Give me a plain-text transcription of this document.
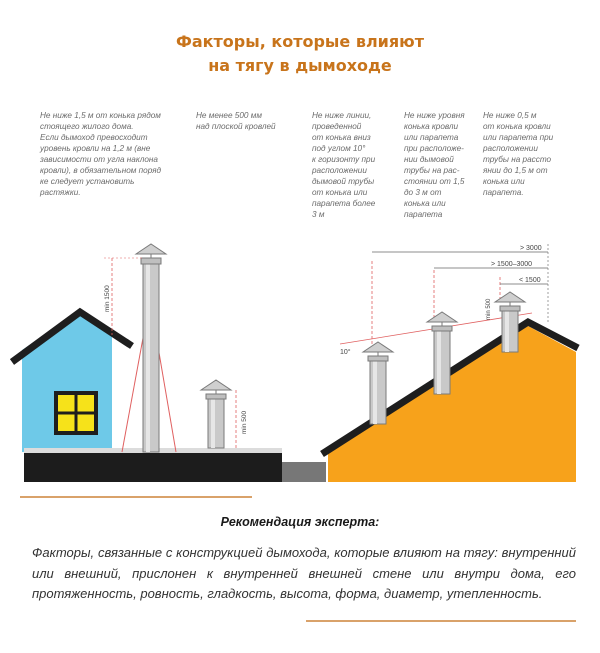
Факторы, которые влияют
на тягу в дымоходе
Не ниже 1,5 м от конька рядом
стоящего жилого дома.
Если дымоход превосходит
уровень кровли на 1,2 м (вне
зависимости от угла наклона
кровли), в обязательном поряд
ке следует установить
растяжки.
Не менее 500 мм
над плоской кровлей
Не ниже линии,
проведенной
от конька вниз
под углом 10°
к горизонту при
расположении
дымовой трубы
от конька или
парапета более
3 м
Не ниже уровня
конька кровли
или парапета
при расположе-
нии дымовой
трубы на рас-
стоянии от 1,5
до 3 м от
конька или
парапета
Не ниже 0,5 м
от конька кровли
или парапета при
расположении
трубы на рассто
янии до 1,5 м от
конька или
парапета.
min 1500
min 500
> 3000
> 1500–3000
< 1500
10°
min 500
Рекомендация эксперта:
Факторы, связанные с конструкцией дымохода, которые влияют на тягу: внутренний или внешний, прислонен к внутренней внешней стене или внутри дома, его протяженность, ровность, гладкость, высота, форма, диаметр, утепленность.
